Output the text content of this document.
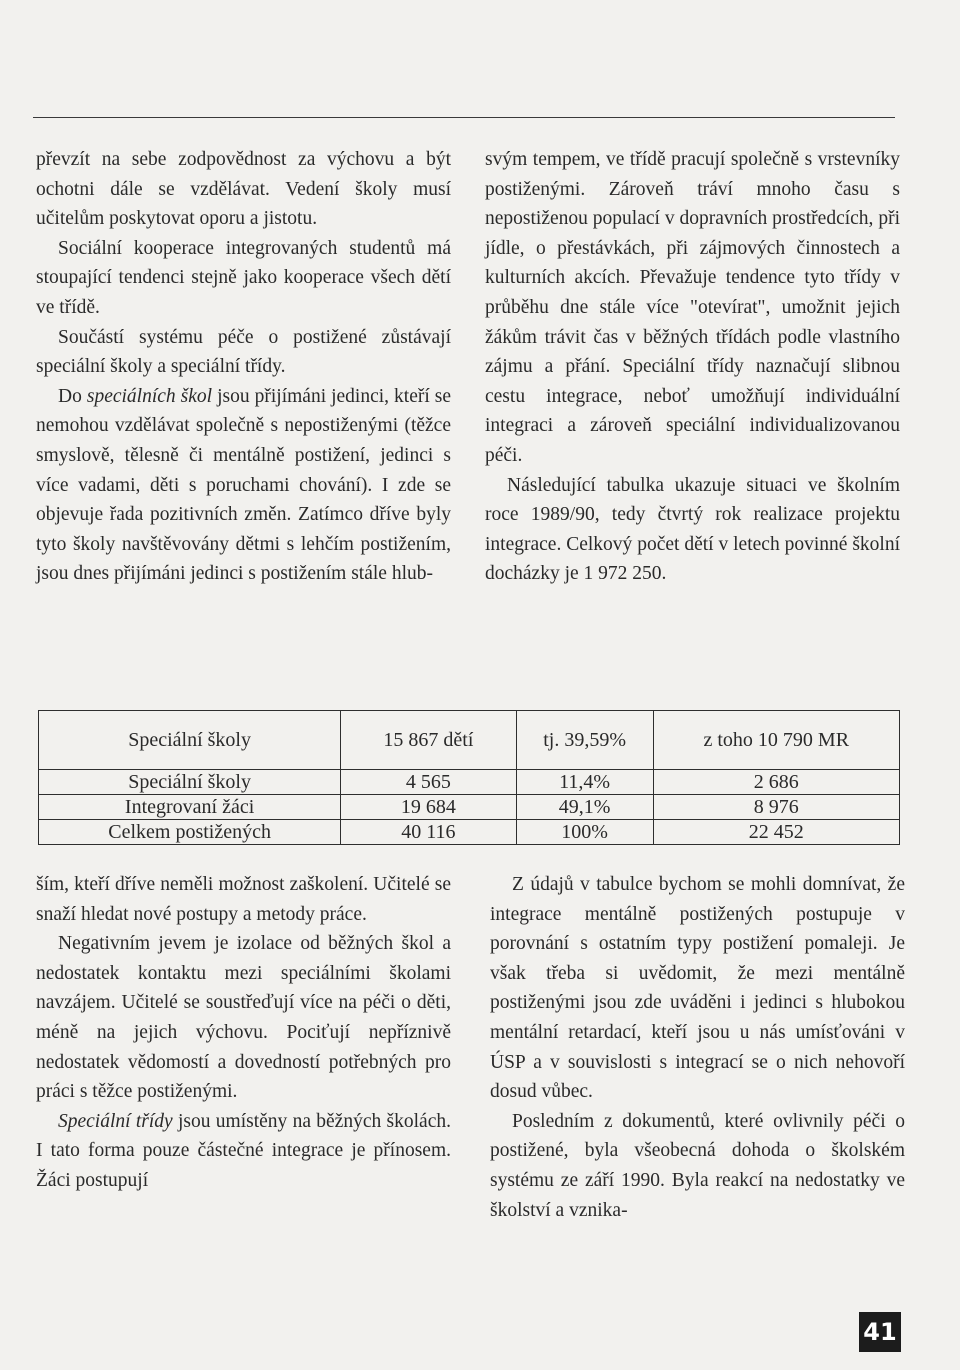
převzít na sebe zodpovědnost za výchovu a být ochotni dále se vzdělávat. Vedení školy musí učitelům poskytovat oporu a jistotu.

Sociální kooperace integrovaných studentů má stoupající tendenci stejně jako kooperace všech dětí ve třídě.

Součástí systému péče o postižené zůstávají speciální školy a speciální třídy.

Do speciálních škol jsou přijímáni jedinci, kteří se nemohou vzdělávat společně s nepostiženými (těžce smyslově, tělesně či mentálně postižení, jedinci s více vadami, děti s poruchami chování). I zde se objevuje řada pozitivních změn. Zatímco dříve byly tyto školy navštěvovány dětmi s lehčím postižením, jsou dnes přijímáni jedinci s postižením stále hlub-

svým tempem, ve třídě pracují společně s vrstevníky postiženými. Zároveň tráví mnoho času s nepostiženou populací v dopravních prostředcích, při jídle, o přestávkách, při zájmových činnostech a kulturních akcích. Převažuje tendence tyto třídy v průběhu dne stále více "otevírat", umožnit jejich žákům trávit čas v běžných třídách podle vlastního zájmu a přání. Speciální třídy naznačují slibnou cestu integrace, neboť umožňují individuální integraci a zároveň speciální individualizovanou péči.

Následující tabulka ukazuje situaci ve školním roce 1989/90, tedy čtvrtý rok realizace projektu integrace. Celkový počet dětí v letech povinné školní docházky je 1 972 250.

Speciální školy	15 867 dětí	tj. 39,59%	z toho 10 790 MR
Speciální školy	4 565	11,4%	2 686
Integrovaní žáci	19 684	49,1%	8 976
Celkem postižených	40 116	100%	22 452

ším, kteří dříve neměli možnost zaškolení. Učitelé se snaží hledat nové postupy a metody práce.

Negativním jevem je izolace od běžných škol a nedostatek kontaktu mezi speciálními školami navzájem. Učitelé se soustřeďují více na péči o děti, méně na jejich výchovu. Pociťují nepříznivě nedostatek vědomostí a dovedností potřebných pro práci s těžce postiženými.

Speciální třídy jsou umístěny na běžných školách. I tato forma pouze částečné integrace je přínosem. Žáci postupují

Z údajů v tabulce bychom se mohli domnívat, že integrace mentálně postižených postupuje v porovnání s ostatním typy postižení pomaleji. Je však třeba si uvědomit, že mezi mentálně postiženými jsou zde uváděni i jedinci s hlubokou mentální retardací, kteří jsou u nás umísťováni v ÚSP a v souvislosti s integrací se o nich nehovoří dosud vůbec.

Posledním z dokumentů, které ovlivnily péči o postižené, byla všeobecná dohoda o školském systému ze září 1990. Byla reakcí na nedostatky ve školství a vznika-

41
